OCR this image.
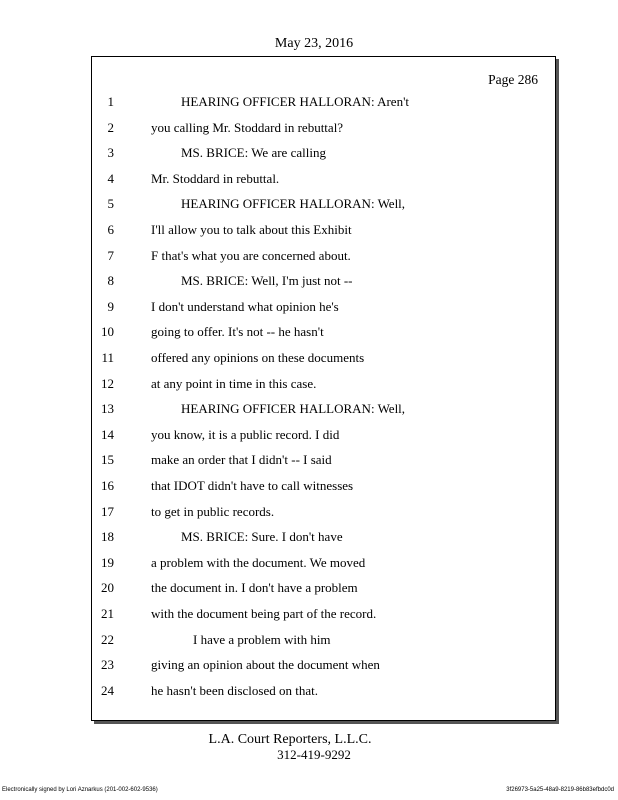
May 23, 2016
Page 286
1	HEARING OFFICER HALLORAN: Aren't
2	you calling Mr. Stoddard in rebuttal?
3	MS. BRICE: We are calling
4	Mr. Stoddard in rebuttal.
5	HEARING OFFICER HALLORAN: Well,
6	I'll allow you to talk about this Exhibit
7	F that's what you are concerned about.
8	MS. BRICE: Well, I'm just not --
9	I don't understand what opinion he's
10	going to offer. It's not -- he hasn't
11	offered any opinions on these documents
12	at any point in time in this case.
13	HEARING OFFICER HALLORAN: Well,
14	you know, it is a public record. I did
15	make an order that I didn't -- I said
16	that IDOT didn't have to call witnesses
17	to get in public records.
18	MS. BRICE: Sure. I don't have
19	a problem with the document. We moved
20	the document in. I don't have a problem
21	with the document being part of the record.
22	I have a problem with him
23	giving an opinion about the document when
24	he hasn't been disclosed on that.
L.A. Court Reporters, L.L.C.
312-419-9292
Electronically signed by Lori Aznarkus (201-002-602-9536)	3f26973-5a25-48a9-8219-86b83efbdc0d
